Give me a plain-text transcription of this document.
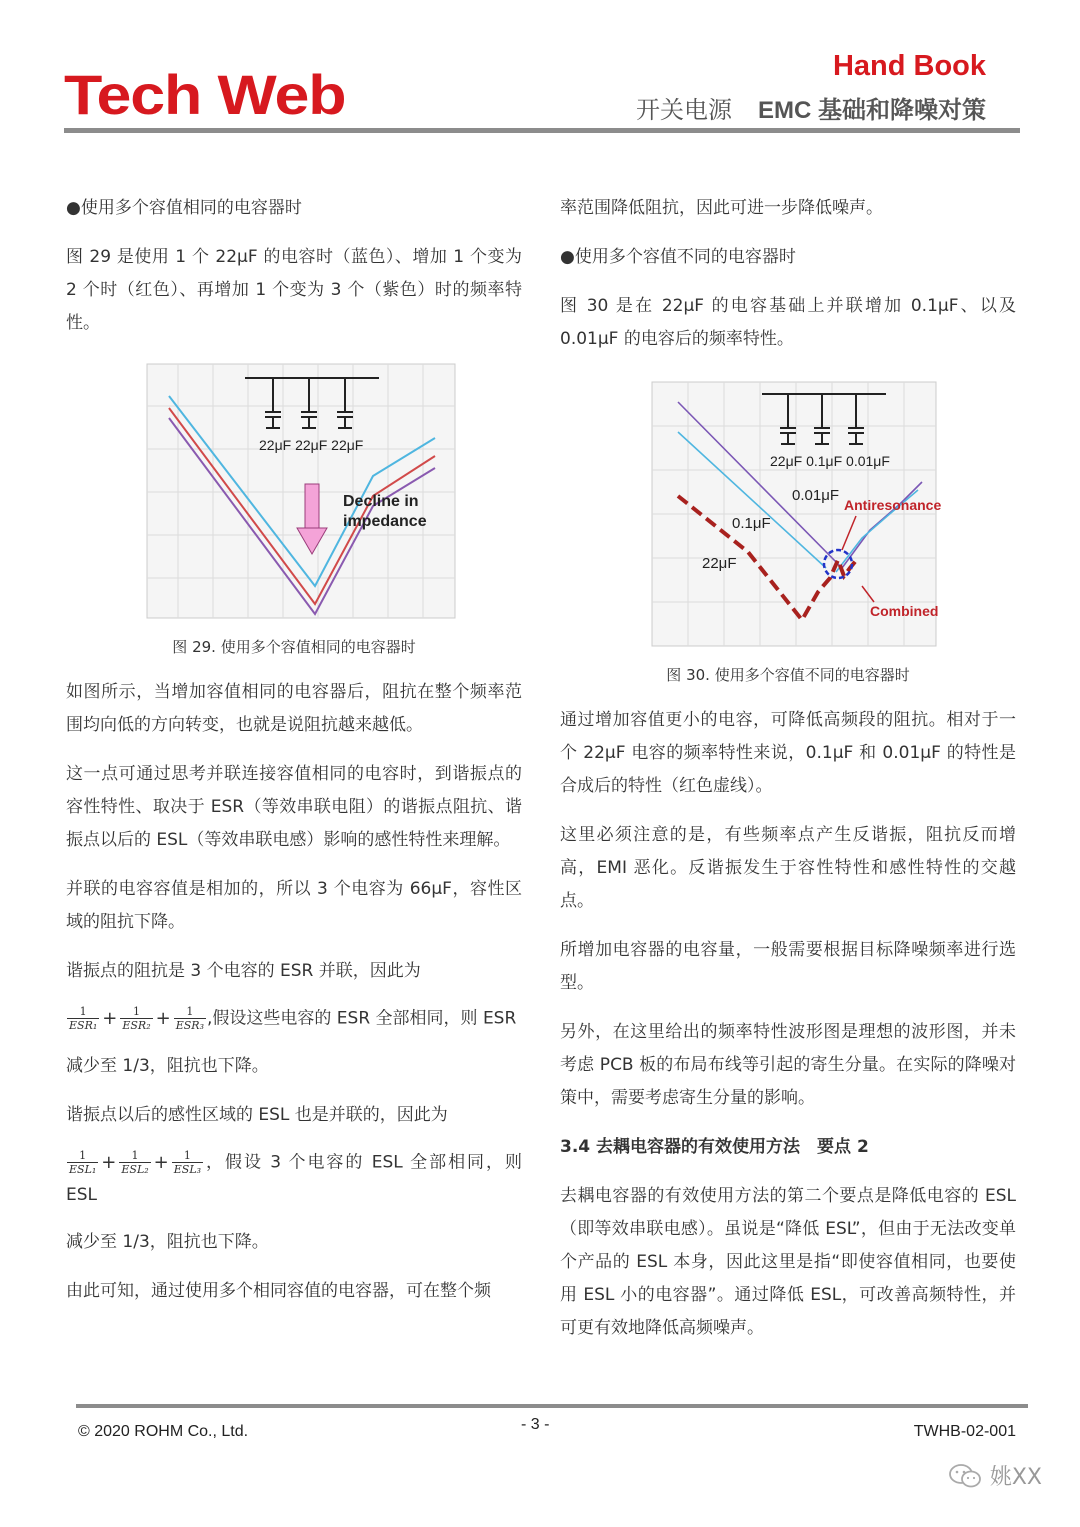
Tech Web	Hand Book
开关电源 EMC 基础和降噪对策

●使用多个容值相同的电容器时

图 29 是使用 1 个 22μF 的电容时（蓝色）、增加 1 个变为 2 个时（红色）、再增加 1 个变为 3 个（紫色）时的频率特性。

22μF 22μF 22μF
Decline in
impedance
图 29. 使用多个容值相同的电容器时

如图所示，当增加容值相同的电容器后，阻抗在整个频率范围均向低的方向转变，也就是说阻抗越来越低。

这一点可通过思考并联连接容值相同的电容时，到谐振点的容性特性、取决于 ESR（等效串联电阻）的谐振点阻抗、谐振点以后的 ESL（等效串联电感）影响的感性特性来理解。

并联的电容容值是相加的，所以 3 个电容为 66μF，容性区域的阻抗下降。

谐振点的阻抗是 3 个电容的 ESR 并联，因此为

$\frac{1}{\text{ESR₁}} + \frac{1}{\text{ESR₂}} + \frac{1}{\text{ESR₃}}$ ,假设这些电容的 ESR 全部相同，则 ESR

减少至 1/3，阻抗也下降。

谐振点以后的感性区域的 ESL 也是并联的，因此为

$\frac{1}{\text{ESL₁}} + \frac{1}{\text{ESL₂}} + \frac{1}{\text{ESL₃}}$ ，假设 3 个电容的 ESL 全部相同，则 ESL

减少至 1/3，阻抗也下降。

由此可知，通过使用多个相同容值的电容器，可在整个频

率范围降低阻抗，因此可进一步降低噪声。

●使用多个容值不同的电容器时

图 30 是在 22μF 的电容基础上并联增加 0.1μF、以及 0.01μF 的电容后的频率特性。

22μF 0.1μF 0.01μF
0.01μF
0.1μF
22μF
Antiresonance
Combined
图 30. 使用多个容值不同的电容器时

通过增加容值更小的电容，可降低高频段的阻抗。相对于一个 22μF 电容的频率特性来说，0.1μF 和 0.01μF 的特性是合成后的特性（红色虚线）。

这里必须注意的是，有些频率点产生反谐振，阻抗反而增高，EMI 恶化。反谐振发生于容性特性和感性特性的交越点。

所增加电容器的电容量，一般需要根据目标降噪频率进行选型。

另外，在这里给出的频率特性波形图是理想的波形图，并未考虑 PCB 板的布局布线等引起的寄生分量。在实际的降噪对策中，需要考虑寄生分量的影响。

3.4 去耦电容器的有效使用方法　要点 2

去耦电容器的有效使用方法的第二个要点是降低电容的 ESL（即等效串联电感）。虽说是“降低 ESL”，但由于无法改变单个产品的 ESL 本身，因此这里是指“即使容值相同，也要使用 ESL 小的电容器”。通过降低 ESL，可改善高频特性，并可更有效地降低高频噪声。

© 2020 ROHM Co., Ltd.	- 3 -	TWHB-02-001
姚XX
